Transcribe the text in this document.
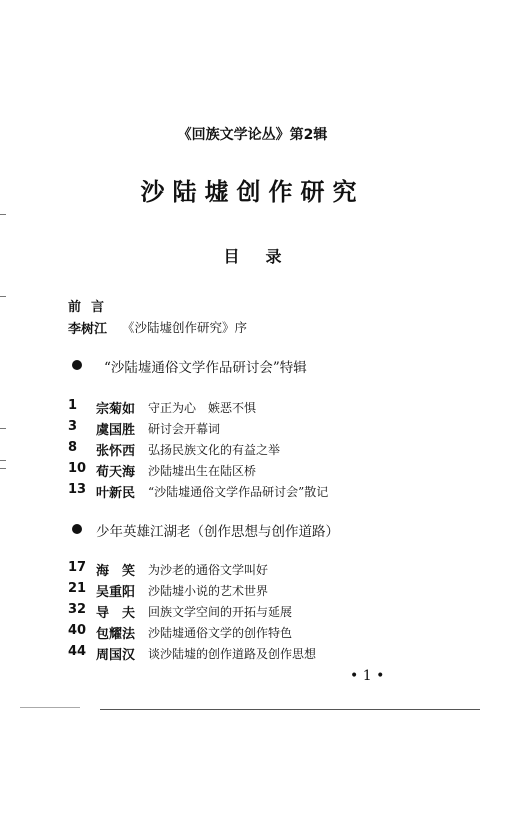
《回族文学论丛》第2辑
沙陆墟创作研究
目录
前言
李树江 《沙陆墟创作研究》序
“沙陆墟通俗文学作品研讨会”特辑
1 宗菊如 守正为心　嫉恶不惧
3 虞国胜 研讨会开幕词
8 张怀西 弘扬民族文化的有益之举
10 荀天海 沙陆墟出生在陆区桥
13 叶新民 “沙陆墟通俗文学作品研讨会”散记
少年英雄江湖老（创作思想与创作道路）
17 海　笑 为沙老的通俗文学叫好
21 吴重阳 沙陆墟小说的艺术世界
32 导　夫 回族文学空间的开拓与延展
40 包耀法 沙陆墟通俗文学的创作特色
44 周国汉 谈沙陆墟的创作道路及创作思想
• 1 •
